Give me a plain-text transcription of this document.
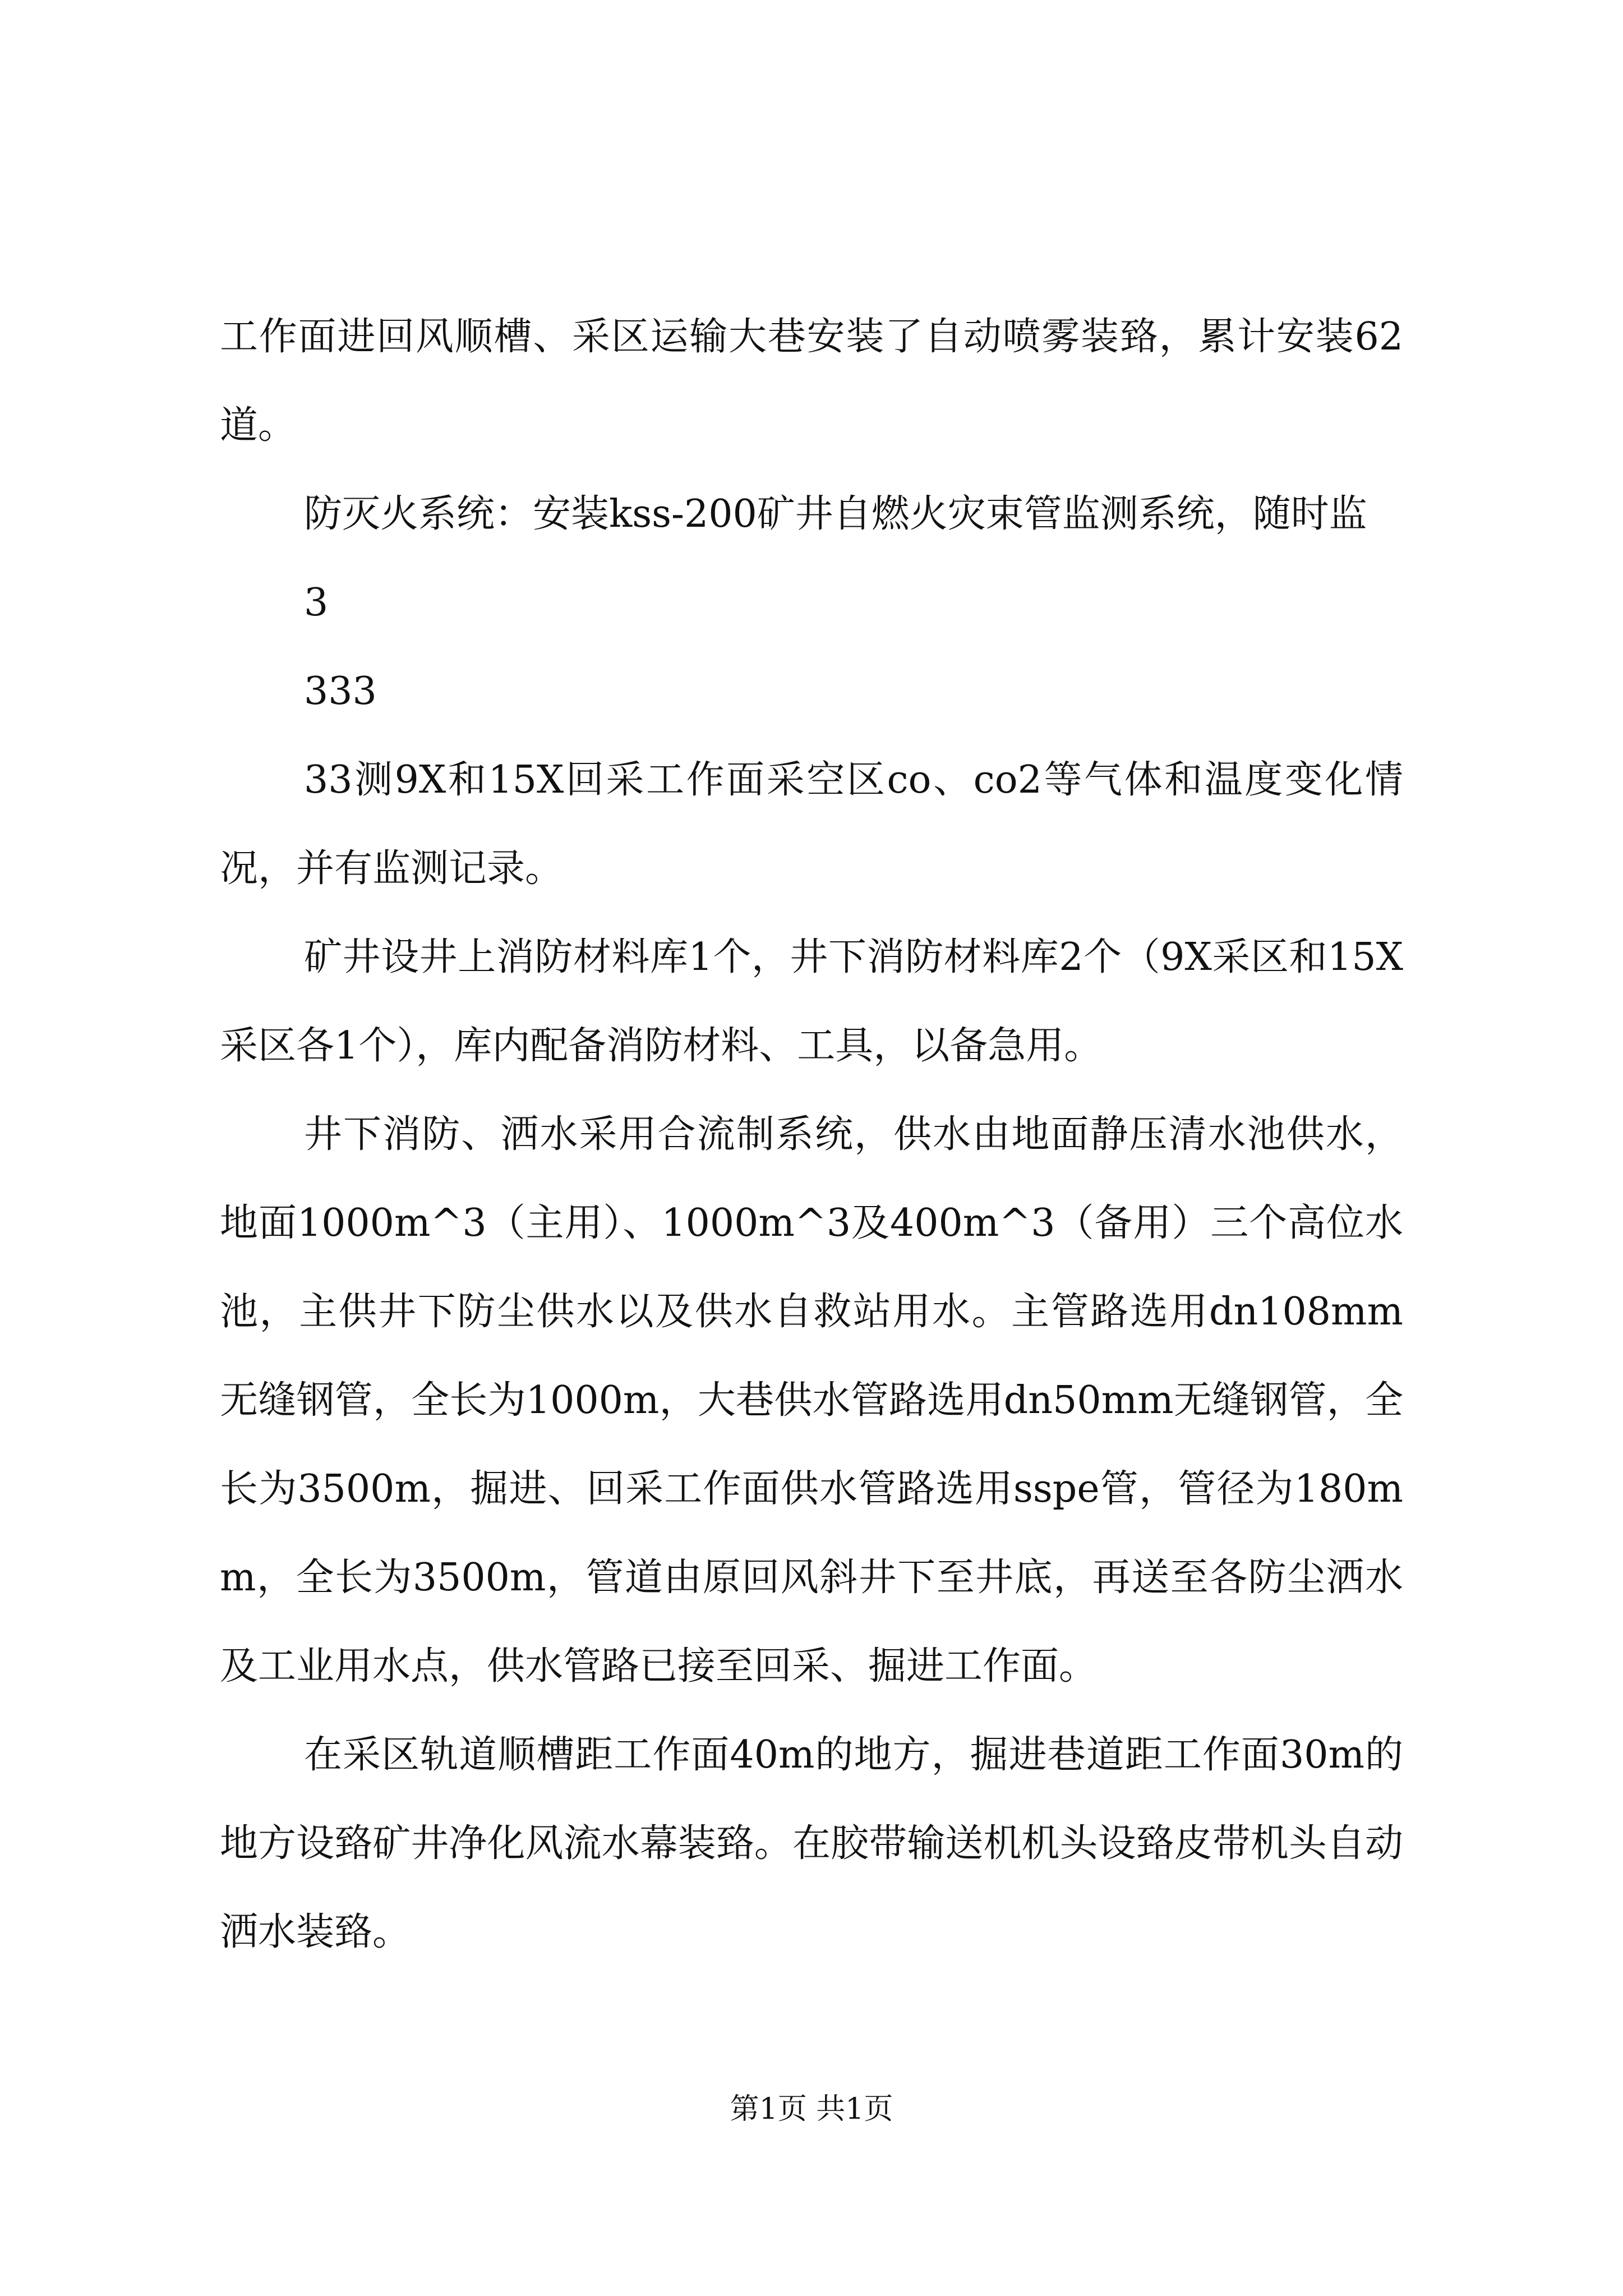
工作面进回风顺槽、采区运输大巷安装了自动喷雾装臵，累计安装62道。

防灭火系统：安装kss-200矿井自燃火灾束管监测系统，随时监

3

333

33测9X和15X回采工作面采空区co、co2等气体和温度变化情况，并有监测记录。

矿井设井上消防材料库1个，井下消防材料库2个（9X采区和15X采区各1个），库内配备消防材料、工具，以备急用。

井下消防、洒水采用合流制系统，供水由地面静压清水池供水，地面1000m^3（主用）、1000m^3及400m^3（备用）三个高位水池，主供井下防尘供水以及供水自救站用水。主管路选用dn108mm无缝钢管，全长为1000m，大巷供水管路选用dn50mm无缝钢管，全长为3500m，掘进、回采工作面供水管路选用sspe管，管径为180mm，全长为3500m，管道由原回风斜井下至井底，再送至各防尘洒水及工业用水点，供水管路已接至回采、掘进工作面。

在采区轨道顺槽距工作面40m的地方，掘进巷道距工作面30m的地方设臵矿井净化风流水幕装臵。在胶带输送机机头设臵皮带机头自动洒水装臵。

第1页 共1页
